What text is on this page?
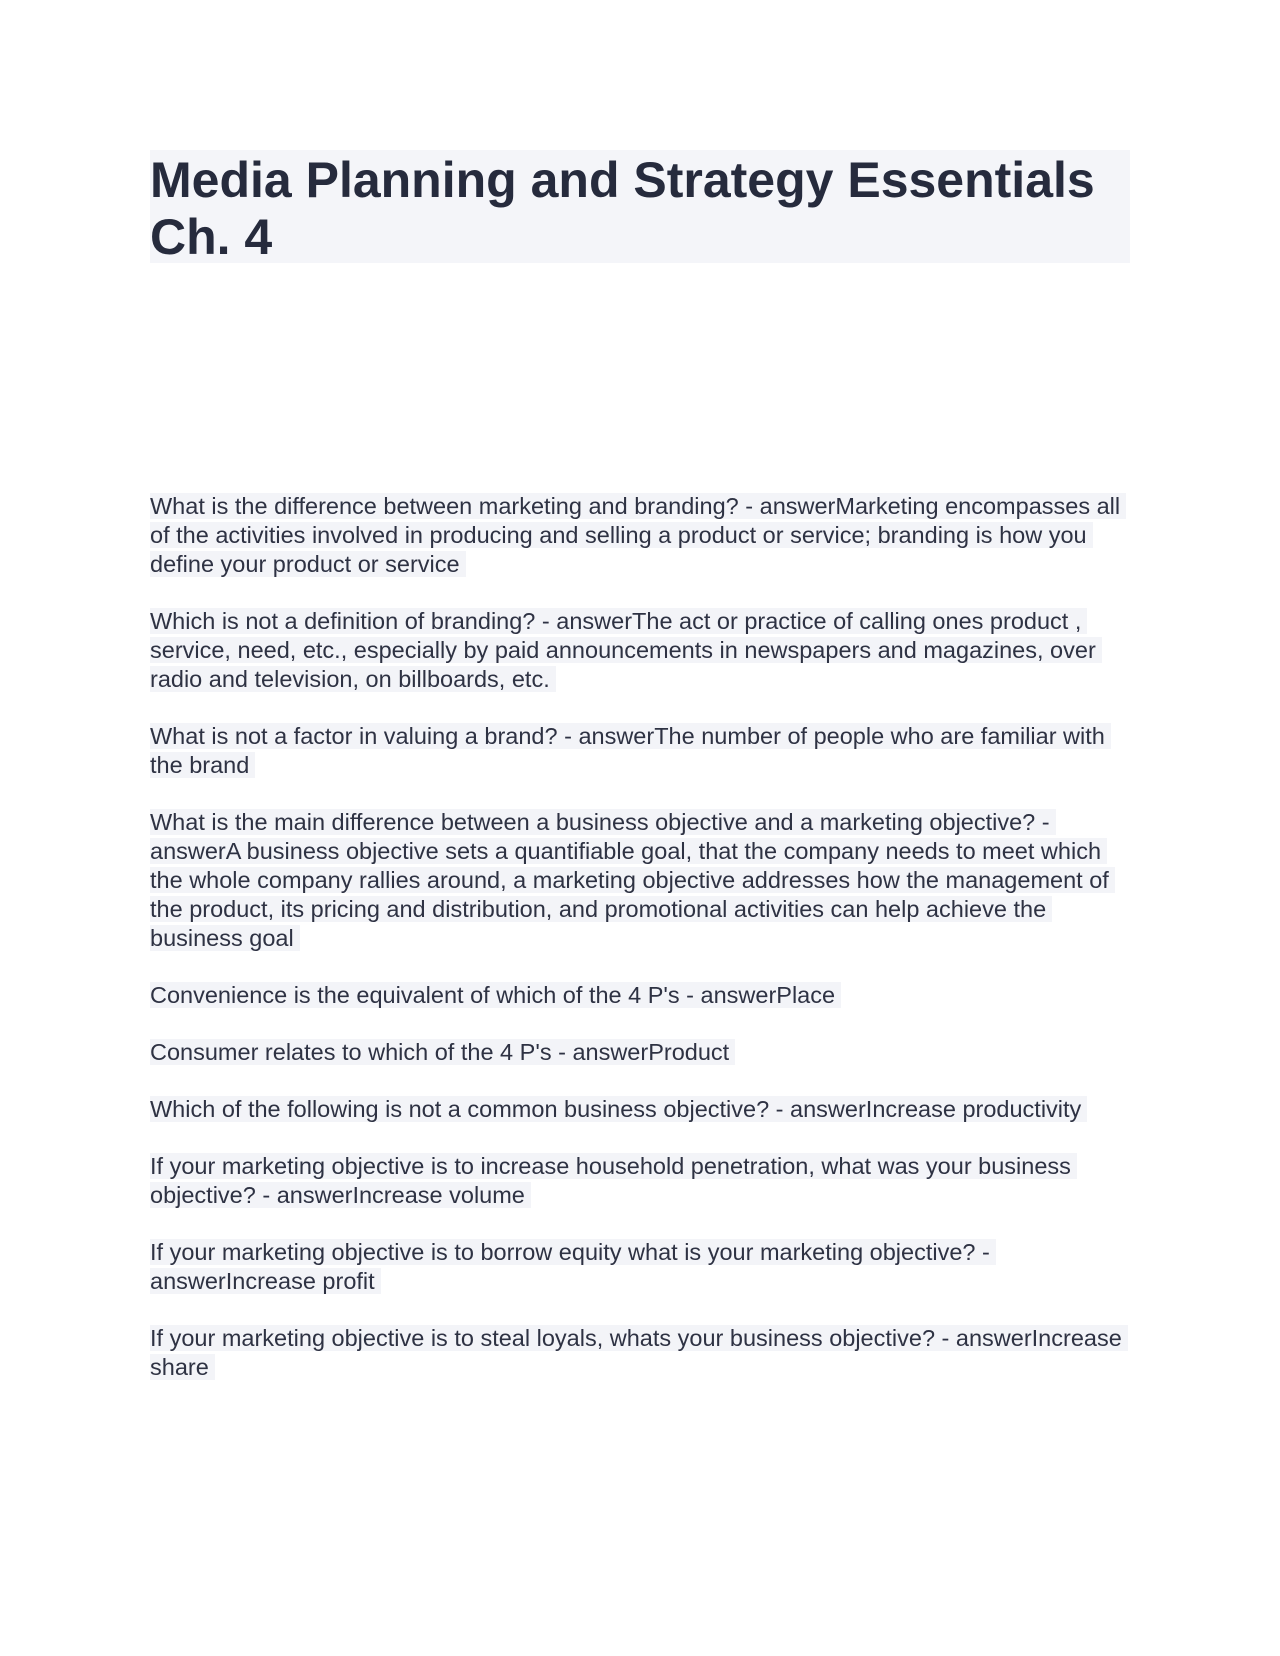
Media Planning and Strategy Essentials Ch. 4

What is the difference between marketing and branding? - answerMarketing encompasses all of the activities involved in producing and selling a product or service; branding is how you define your product or service

Which is not a definition of branding? - answerThe act or practice of calling ones product , service, need, etc., especially by paid announcements in newspapers and magazines, over radio and television, on billboards, etc.

What is not a factor in valuing a brand? - answerThe number of people who are familiar with the brand

What is the main difference between a business objective and a marketing objective? - answerA business objective sets a quantifiable goal, that the company needs to meet which the whole company rallies around, a marketing objective addresses how the management of the product, its pricing and distribution, and promotional activities can help achieve the business goal

Convenience is the equivalent of which of the 4 P's - answerPlace

Consumer relates to which of the 4 P's - answerProduct

Which of the following is not a common business objective? - answerIncrease productivity

If your marketing objective is to increase household penetration, what was your business objective? - answerIncrease volume

If your marketing objective is to borrow equity what is your marketing objective? - answerIncrease profit

If your marketing objective is to steal loyals, whats your business objective? - answerIncrease share
